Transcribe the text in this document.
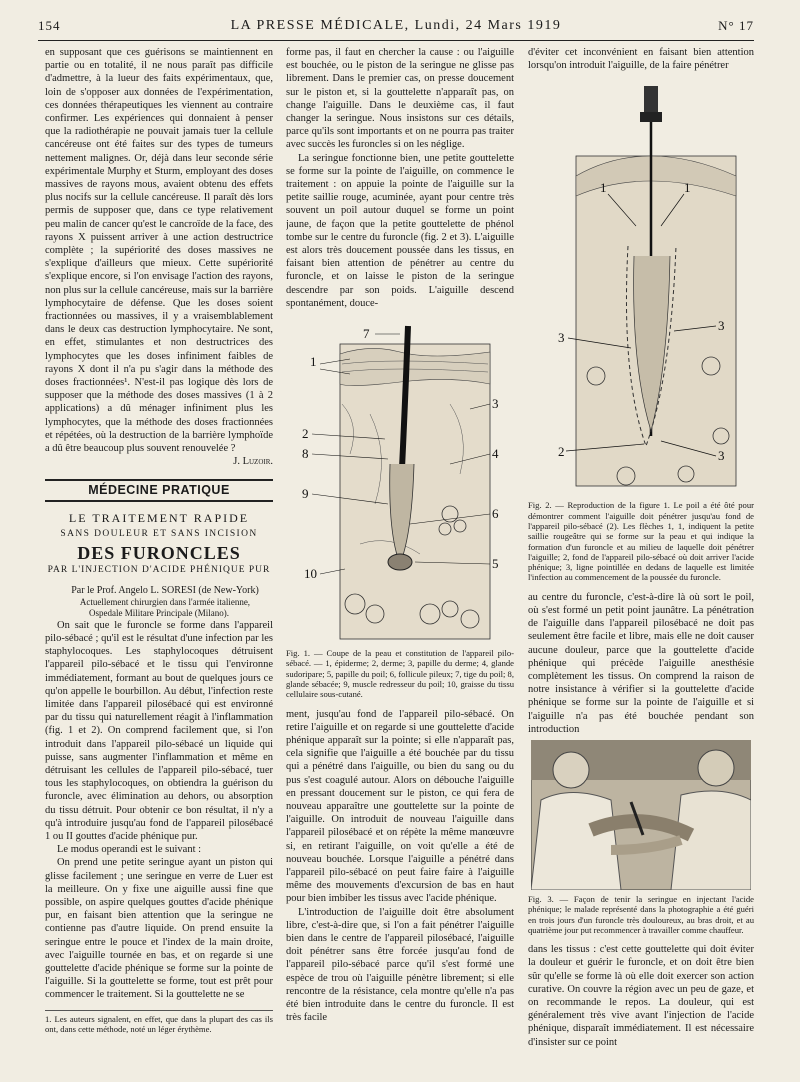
154	LA PRESSE MÉDICALE, Lundi, 24 Mars 1919	N° 17

en supposant que ces guérisons se maintiennent en partie ou en totalité, il ne nous paraît pas difficile d'admettre, à la lueur des faits expérimentaux, que, loin de s'opposer aux données de l'expérimentation, ces données thérapeutiques les viennent au contraire confirmer. Les expériences qui donnaient à penser que la radiothérapie ne pouvait jamais tuer la cellule cancéreuse ont été faites sur des types de tumeurs nettement malignes. Or, déjà dans leur seconde série expérimentale Murphy et Sturm, employant des doses massives de rayons mous, avaient obtenu des effets plus nocifs sur la cellule cancéreuse. Il paraît dès lors permis de supposer que, dans ce type relativement peu malin de cancer qu'est le cancroïde de la face, des rayons X puissent arriver à une action destructrice complète ; la supériorité des doses massives ne s'explique d'ailleurs que mieux. Cette supériorité s'explique encore, si l'on envisage l'action des rayons, non plus sur la cellule cancéreuse, mais sur la barrière lymphocytaire de défense. Que les doses soient fractionnées ou massives, il y a vraisemblablement dans le deux cas destruction lymphocytaire. Ne sont, en effet, stimulantes et non destructrices des lymphocytes que les doses infiniment faibles de rayons X dont il n'a pu s'agir dans la méthode des doses fractionnées¹. N'est-il pas logique dès lors de supposer que la méthode des doses massives (1 à 2 applications) a dû ménager infiniment plus les lymphocytes, que la méthode des doses fractionnées et répétées, où la destruction de la barrière lymphoïde a dû être beaucoup plus souvent renouvelée ?

J. Luzoir.

MÉDECINE PRATIQUE
LE TRAITEMENT RAPIDE
SANS DOULEUR ET SANS INCISION
DES FURONCLES
PAR L'INJECTION D'ACIDE PHÉNIQUE PUR

Par le Prof. Angelo L. SORESI (de New-York)

Actuellement chirurgien dans l'armée italienne,
Ospedale Militare Principale (Milano).

On sait que le furoncle se forme dans l'appareil pilo-sébacé ; qu'il est le résultat d'une infection par les staphylocoques. Les staphylocoques détruisent l'appareil pilo-sébacé et le tissu qui l'environne immédiatement, formant au bout de quelques jours ce qu'on appelle le bourbillon. Au début, l'infection reste limitée dans l'appareil pilosébacé qui est environné par du tissu qui naturellement réagit à l'inflammation (fig. 1 et 2). On comprend facilement que, si l'on introduit dans l'appareil pilo-sébacé un liquide qui puisse, sans augmenter l'inflammation et même en détruisant les cellules de l'appareil pilo-sébacé, tuer tous les staphylocoques, on obtiendra la guérison du furoncle, avec élimination au dehors, ou absorption du tissu détruit. Pour obtenir ce bon résultat, il n'y a qu'à introduire jusqu'au fond de l'appareil pilosébacé 1 ou II gouttes d'acide phénique pur.

Le modus operandi est le suivant :

On prend une petite seringue ayant un piston qui glisse facilement ; une seringue en verre de Luer est la meilleure. On y fixe une aiguille aussi fine que possible, on aspire quelques gouttes d'acide phénique pur, en faisant bien attention que la seringue ne contienne pas d'autre liquide. On prend ensuite la seringue entre le pouce et l'index de la main droite, avec l'aiguille tournée en bas, et on regarde si une gouttelette d'acide phénique se forme sur la pointe de l'aiguille. Si la gouttelette se forme, tout est prêt pour commencer le traitement. Si la gouttelette ne se

1. Les auteurs signalent, en effet, que dans la plupart des cas ils ont, dans cette méthode, noté un léger érythème.

forme pas, il faut en chercher la cause : ou l'aiguille est bouchée, ou le piston de la seringue ne glisse pas librement. Dans le premier cas, on presse doucement sur le piston et, si la gouttelette n'apparaît pas, on change l'aiguille. Dans le deuxième cas, il faut changer la seringue. Nous insistons sur ces détails, parce qu'ils sont importants et on ne pourra pas traiter avec succès les furoncles si on les néglige.

La seringue fonctionne bien, une petite gouttelette se forme sur la pointe de l'aiguille, on commence le traitement : on appuie la pointe de l'aiguille sur la petite saillie rouge, acuminée, ayant pour centre très souvent un poil autour duquel se forme un point jaune, de façon que la petite gouttelette de phénol tombe sur le centre du furoncle (fig. 2 et 3). L'aiguille est alors très doucement poussée dans les tissus, en faisant bien attention de pénétrer au centre du furoncle, et on laisse le piston de la seringue descendre par son poids. L'aiguille descend spontanément, douce-

1
2
3
4
5
6
7
8
9
10
Fig. 1. — Coupe de la peau et constitution de l'appareil pilo-sébacé. — 1, épiderme; 2, derme; 3, papille du derme; 4, glande sudoripare; 5, papille du poil; 6, follicule pileux; 7, tige du poil; 8, glande sébacée; 9, muscle redresseur du poil; 10, graisse du tissu cellulaire sous-cutané.

ment, jusqu'au fond de l'appareil pilo-sébacé. On retire l'aiguille et on regarde si une gouttelette d'acide phénique apparaît sur la pointe; si elle n'apparaît pas, cela signifie que l'aiguille a été bouchée par du tissu qui a pénétré dans l'aiguille, ou bien du sang ou du pus s'est coagulé autour. Alors on débouche l'aiguille en pressant doucement sur le piston, ce qui fera de nouveau apparaître une gouttelette sur la pointe de l'aiguille. On introduit de nouveau l'aiguille dans l'appareil pilosébacé et on répète la même manœuvre si, en retirant l'aiguille, on voit qu'elle a été de nouveau bouchée. Lorsque l'aiguille a pénétré dans l'appareil pilo-sébacé on peut faire faire à l'aiguille même des mouvements d'excursion de bas en haut pour bien imbiber les tissus avec l'acide phénique.

L'introduction de l'aiguille doit être absolument libre, c'est-à-dire que, si l'on a fait pénétrer l'aiguille bien dans le centre de l'appareil pilosébacé, l'aiguille doit pénétrer sans être forcée jusqu'au fond de l'appareil pilo-sébacé parce qu'il s'est formé une espèce de trou où l'aiguille pénètre librement; si elle rencontre de la résistance, cela montre qu'elle n'a pas été bien introduite dans le centre du furoncle. Il est très facile

d'éviter cet inconvénient en faisant bien attention lorsqu'on introduit l'aiguille, de la faire pénétrer

1	1
2
3
3
3
Fig. 2. — Reproduction de la figure 1. Le poil a été ôté pour démontrer comment l'aiguille doit pénétrer jusqu'au fond de l'appareil pilo-sébacé (2). Les flèches 1, 1, indiquent la petite saillie rougeâtre qui se forme sur la peau et qui indique la formation d'un furoncle et au milieu de laquelle doit pénétrer l'aiguille; 2, fond de l'appareil pilo-sébacé où doit arriver l'acide phénique; 3, ligne pointillée en dedans de laquelle est limitée l'infection au commencement de la poussée du furoncle.

au centre du furoncle, c'est-à-dire là où sort le poil, où s'est formé un petit point jaunâtre. La pénétration de l'aiguille dans l'appareil pilosébacé ne doit pas seulement être facile et libre, mais elle ne doit causer aucune douleur, parce que la gouttelette d'acide phénique qui précède l'aiguille anesthésie complètement les tissus. On comprend la raison de notre insistance à vérifier si la gouttelette d'acide phénique se forme sur la pointe de l'aiguille et si l'aiguille n'a pas été bouchée pendant son introduction

Fig. 3. — Façon de tenir la seringue en injectant l'acide phénique; le malade représenté dans la photographie a été guéri en trois jours d'un furoncle très douloureux, au bras droit, et au quatrième jour put recommencer à travailler comme chauffeur.

dans les tissus : c'est cette gouttelette qui doit éviter la douleur et guérir le furoncle, et on doit être bien sûr qu'elle se forme là où elle doit exercer son action curative. On couvre la région avec un peu de gaze, et on recommande le repos. La douleur, qui est généralement très vive avant l'injection de l'acide phénique, disparaît immédiatement. Il est nécessaire d'insister sur ce point
